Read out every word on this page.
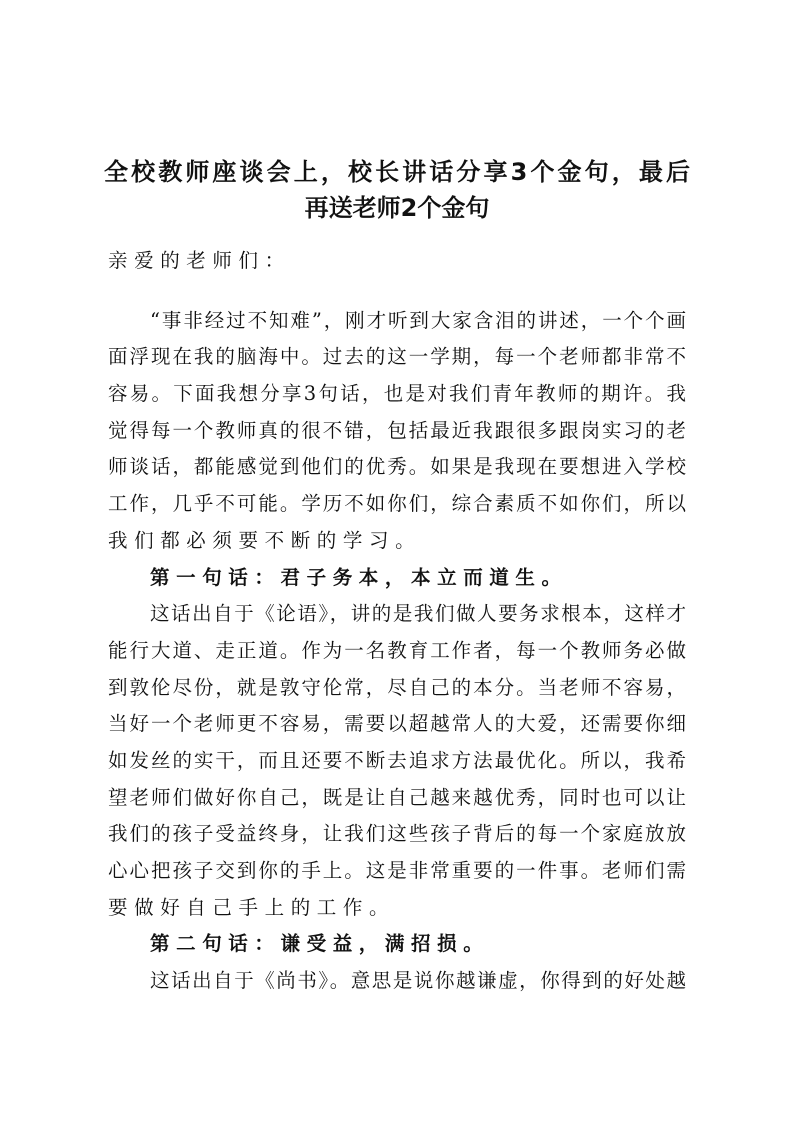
全校教师座谈会上，校长讲话分享3个金句，最后
再送老师2个金句
亲爱的老师们：
“事非经过不知难”，刚才听到大家含泪的讲述，一个个画
面浮现在我的脑海中。过去的这一学期，每一个老师都非常不
容易。下面我想分享3句话，也是对我们青年教师的期许。我
觉得每一个教师真的很不错，包括最近我跟很多跟岗实习的老
师谈话，都能感觉到他们的优秀。如果是我现在要想进入学校
工作，几乎不可能。学历不如你们，综合素质不如你们，所以
我们都必须要不断的学习。
第一句话：君子务本，本立而道生。
这话出自于《论语》，讲的是我们做人要务求根本，这样才
能行大道、走正道。作为一名教育工作者，每一个教师务必做
到敦伦尽份，就是敦守伦常，尽自己的本分。当老师不容易，
当好一个老师更不容易，需要以超越常人的大爱，还需要你细
如发丝的实干，而且还要不断去追求方法最优化。所以，我希
望老师们做好你自己，既是让自己越来越优秀，同时也可以让
我们的孩子受益终身，让我们这些孩子背后的每一个家庭放放
心心把孩子交到你的手上。这是非常重要的一件事。老师们需
要做好自己手上的工作。
第二句话：谦受益，满招损。
这话出自于《尚书》。意思是说你越谦虚，你得到的好处越
